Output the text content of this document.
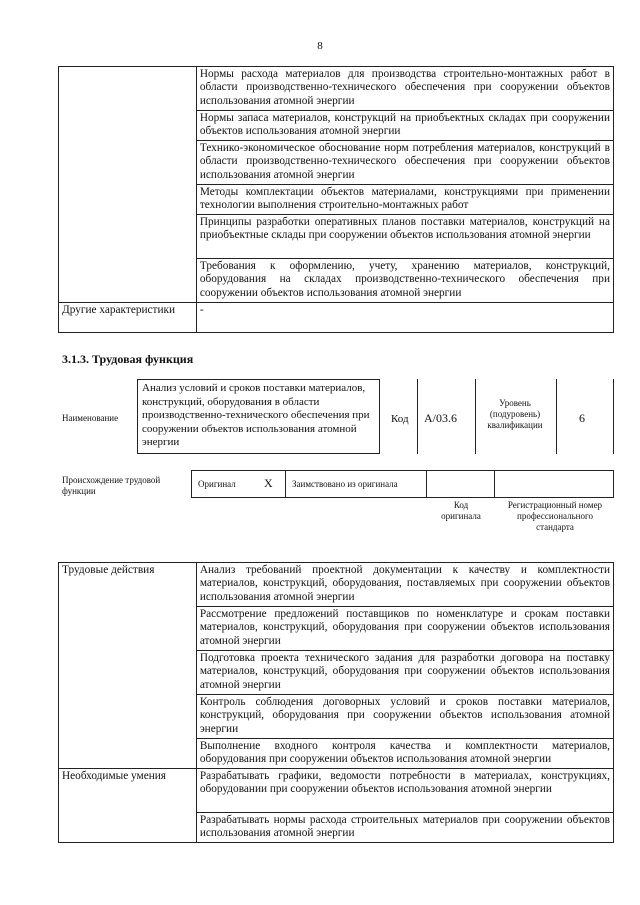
8
	Нормы расхода материалов для производства строительно-монтажных работ в области производственно-технического обеспечения при сооружении объектов использования атомной энергии
	Нормы запаса материалов, конструкций на приобъектных складах при сооружении объектов использования атомной энергии
	Технико-экономическое обоснование норм потребления материалов, конструкций в области производственно-технического обеспечения при сооружении объектов использования атомной энергии
	Методы комплектации объектов материалами, конструкциями при применении технологии выполнения строительно-монтажных работ
	Принципы разработки оперативных планов поставки материалов, конструкций на приобъектные склады при сооружении объектов использования атомной энергии
	Требования к оформлению, учету, хранению материалов, конструкций, оборудования на складах производственно-технического обеспечения при сооружении объектов использования атомной энергии
Другие характеристики	-
3.1.3. Трудовая функция
Наименование
Анализ условий и сроков поставки материалов, конструкций, оборудования в области производственно-технического обеспечения при сооружении объектов использования атомной энергии
Код А/03.6
Уровень (подуровень) квалификации	6
Происхождение трудовой функции
Оригинал X Заимствовано из оригинала
Код оригинала
Регистрационный номер профессионального стандарта
Трудовые действия	Анализ требований проектной документации к качеству и комплектности материалов, конструкций, оборудования, поставляемых при сооружении объектов использования атомной энергии
	Рассмотрение предложений поставщиков по номенклатуре и срокам поставки материалов, конструкций, оборудования при сооружении объектов использования атомной энергии
	Подготовка проекта технического задания для разработки договора на поставку материалов, конструкций, оборудования при сооружении объектов использования атомной энергии
	Контроль соблюдения договорных условий и сроков поставки материалов, конструкций, оборудования при сооружении объектов использования атомной энергии
	Выполнение входного контроля качества и комплектности материалов, оборудования при сооружении объектов использования атомной энергии
Необходимые умения	Разрабатывать графики, ведомости потребности в материалах, конструкциях, оборудовании при сооружении объектов использования атомной энергии
	Разрабатывать нормы расхода строительных материалов при сооружении объектов использования атомной энергии
